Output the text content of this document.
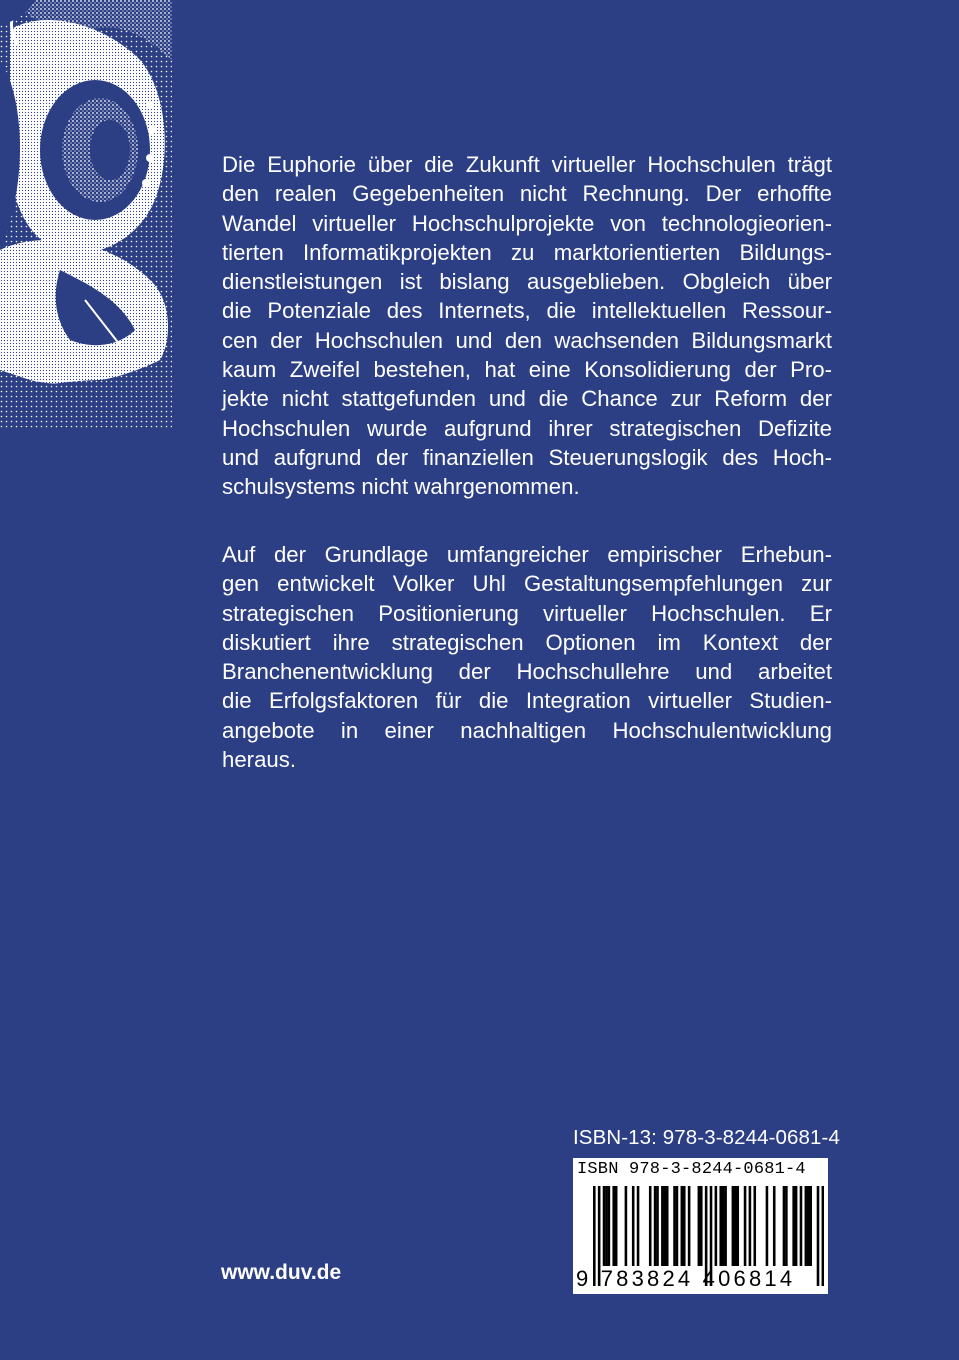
Die Euphorie über die Zukunft virtueller Hochschulen trägt
den realen Gegebenheiten nicht Rechnung. Der erhoffte
Wandel virtueller Hochschulprojekte von technologieorien-
tierten Informatikprojekten zu marktorientierten Bildungs-
dienstleistungen ist bislang ausgeblieben. Obgleich über
die Potenziale des Internets, die intellektuellen Ressour-
cen der Hochschulen und den wachsenden Bildungsmarkt
kaum Zweifel bestehen, hat eine Konsolidierung der Pro-
jekte nicht stattgefunden und die Chance zur Reform der
Hochschulen wurde aufgrund ihrer strategischen Defizite
und aufgrund der finanziellen Steuerungslogik des Hoch-
schulsystems nicht wahrgenommen.
Auf der Grundlage umfangreicher empirischer Erhebun-
gen entwickelt Volker Uhl Gestaltungsempfehlungen zur
strategischen Positionierung virtueller Hochschulen. Er
diskutiert ihre strategischen Optionen im Kontext der
Branchenentwicklung der Hochschullehre und arbeitet
die Erfolgsfaktoren für die Integration virtueller Studien-
angebote in einer nachhaltigen Hochschulentwicklung
heraus.
ISBN-13: 978-3-8244-0681-4
ISBN 978-3-8244-0681-4
9 783824 406814
www.duv.de
